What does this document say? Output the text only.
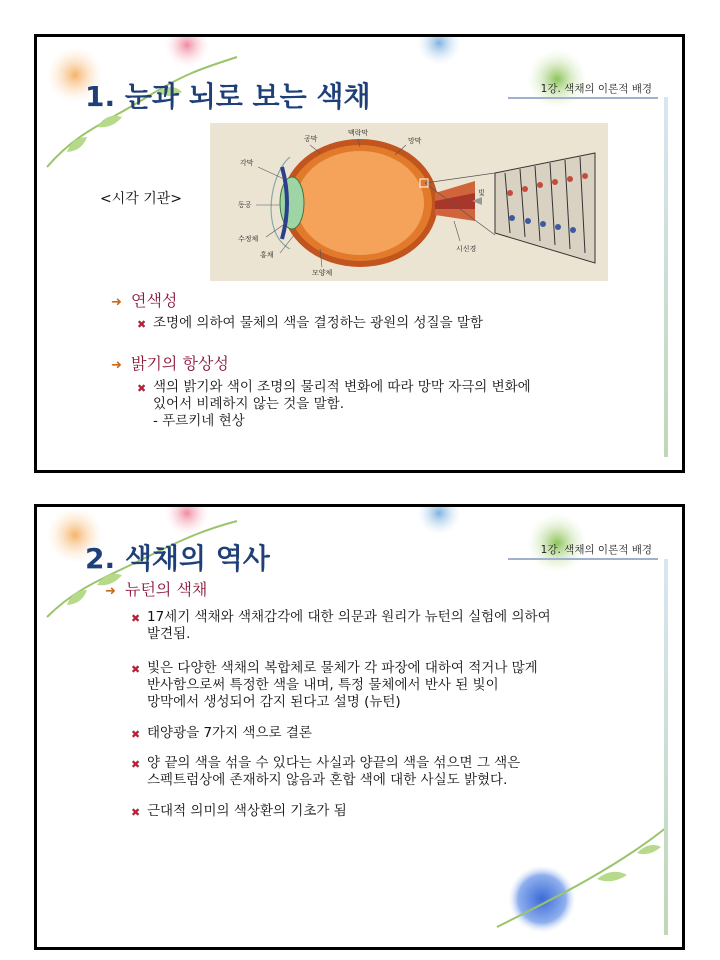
1. 눈과 뇌로 보는 색채	1강. 색채의 이론적 배경
<시각 기관>
공막
맥락막
망막
각막
동공
수정체
홍채
모양체
시신경
빛
➜ 연색성
✖ 조명에 의하여 물체의 색을 결정하는 광원의 성질을 말함
➜ 밝기의 항상성
✖ 색의 밝기와 색이 조명의 물리적 변화에 따라 망막 자극의 변화에
있어서 비례하지 않는 것을 말함.
- 푸르키네 현상
2. 색채의 역사	1강. 색채의 이론적 배경
➜ 뉴턴의 색채
✖ 17세기 색채와 색채감각에 대한 의문과 원리가 뉴턴의 실험에 의하여
발견됨.
✖ 빛은 다양한 색채의 복합체로 물체가 각 파장에 대하여 적거나 많게
반사함으로써 특정한 색을 내며, 특정 물체에서 반사 된 빛이
망막에서 생성되어 감지 된다고 설명 (뉴턴)
✖ 태양광을 7가지 색으로 결론
✖ 양 끝의 색을 섞을 수 있다는 사실과 양끝의 색을 섞으면 그 색은
스펙트럼상에 존재하지 않음과 혼합 색에 대한 사실도 밝혔다.
✖ 근대적 의미의 색상환의 기초가 됨
